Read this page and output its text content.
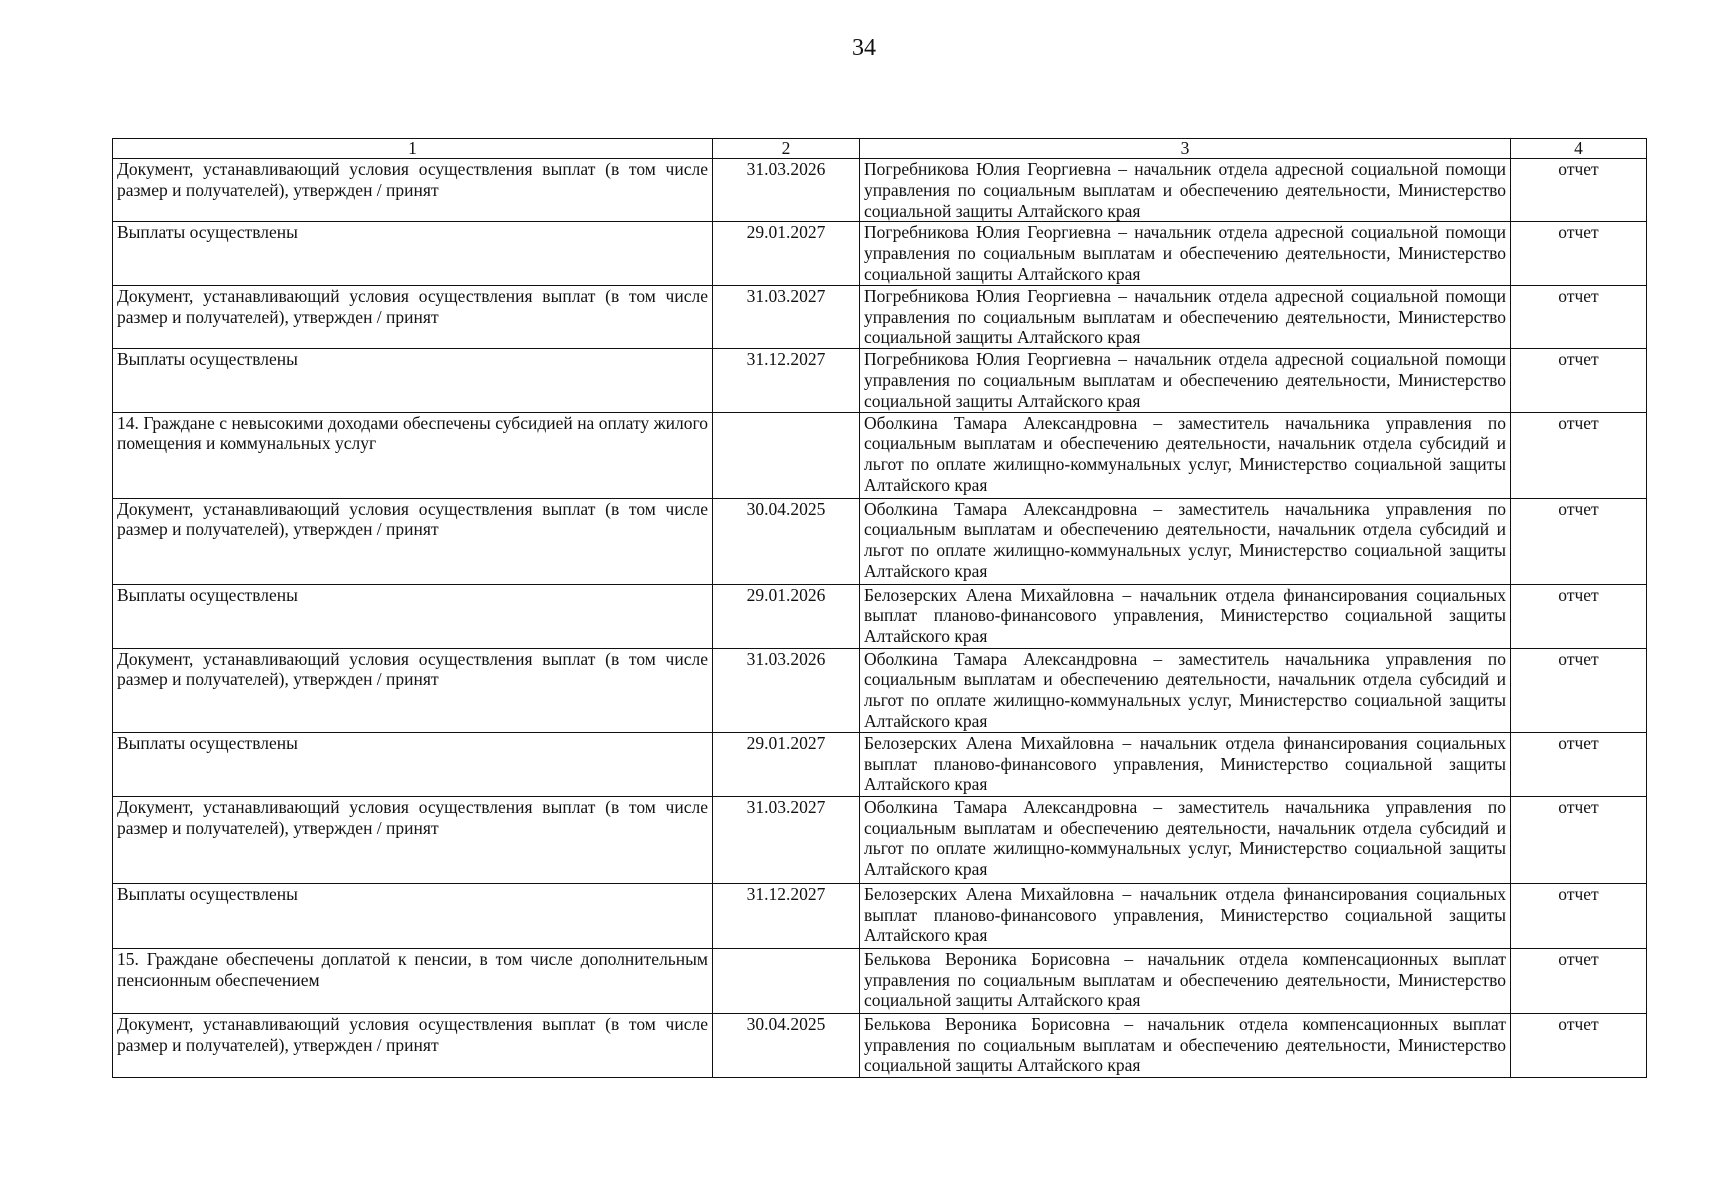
34
1	2	3	4
Документ, устанавливающий условия осуществления выплат (в том числе размер и получателей), утвержден / принят	31.03.2026	Погребникова Юлия Георгиевна – начальник отдела адресной социальной помощи управления по социальным выплатам и обеспечению деятельности, Министерство социальной защиты Алтайского края	отчет
Выплаты осуществлены	29.01.2027	Погребникова Юлия Георгиевна – начальник отдела адресной социальной помощи управления по социальным выплатам и обеспечению деятельности, Министерство социальной защиты Алтайского края	отчет
Документ, устанавливающий условия осуществления выплат (в том числе размер и получателей), утвержден / принят	31.03.2027	Погребникова Юлия Георгиевна – начальник отдела адресной социальной помощи управления по социальным выплатам и обеспечению деятельности, Министерство социальной защиты Алтайского края	отчет
Выплаты осуществлены	31.12.2027	Погребникова Юлия Георгиевна – начальник отдела адресной социальной помощи управления по социальным выплатам и обеспечению деятельности, Министерство социальной защиты Алтайского края	отчет
14. Граждане с невысокими доходами обеспечены субсидией на оплату жилого помещения и коммунальных услуг		Оболкина Тамара Александровна – заместитель начальника управления по социальным выплатам и обеспечению деятельности, начальник отдела субсидий и льгот по оплате жилищно-коммунальных услуг, Министерство социальной защиты Алтайского края	отчет
Документ, устанавливающий условия осуществления выплат (в том числе размер и получателей), утвержден / принят	30.04.2025	Оболкина Тамара Александровна – заместитель начальника управления по социальным выплатам и обеспечению деятельности, начальник отдела субсидий и льгот по оплате жилищно-коммунальных услуг, Министерство социальной защиты Алтайского края	отчет
Выплаты осуществлены	29.01.2026	Белозерских Алена Михайловна – начальник отдела финансирования социальных выплат планово-финансового управления, Министерство социальной защиты Алтайского края	отчет
Документ, устанавливающий условия осуществления выплат (в том числе размер и получателей), утвержден / принят	31.03.2026	Оболкина Тамара Александровна – заместитель начальника управления по социальным выплатам и обеспечению деятельности, начальник отдела субсидий и льгот по оплате жилищно-коммунальных услуг, Министерство социальной защиты Алтайского края	отчет
Выплаты осуществлены	29.01.2027	Белозерских Алена Михайловна – начальник отдела финансирования социальных выплат планово-финансового управления, Министерство социальной защиты Алтайского края	отчет
Документ, устанавливающий условия осуществления выплат (в том числе размер и получателей), утвержден / принят	31.03.2027	Оболкина Тамара Александровна – заместитель начальника управления по социальным выплатам и обеспечению деятельности, начальник отдела субсидий и льгот по оплате жилищно-коммунальных услуг, Министерство социальной защиты Алтайского края	отчет
Выплаты осуществлены	31.12.2027	Белозерских Алена Михайловна – начальник отдела финансирования социальных выплат планово-финансового управления, Министерство социальной защиты Алтайского края	отчет
15. Граждане обеспечены доплатой к пенсии, в том числе дополнительным пенсионным обеспечением		Белькова Вероника Борисовна – начальник отдела компенсационных выплат управления по социальным выплатам и обеспечению деятельности, Министерство социальной защиты Алтайского края	отчет
Документ, устанавливающий условия осуществления выплат (в том числе размер и получателей), утвержден / принят	30.04.2025	Белькова Вероника Борисовна – начальник отдела компенсационных выплат управления по социальным выплатам и обеспечению деятельности, Министерство социальной защиты Алтайского края	отчет
